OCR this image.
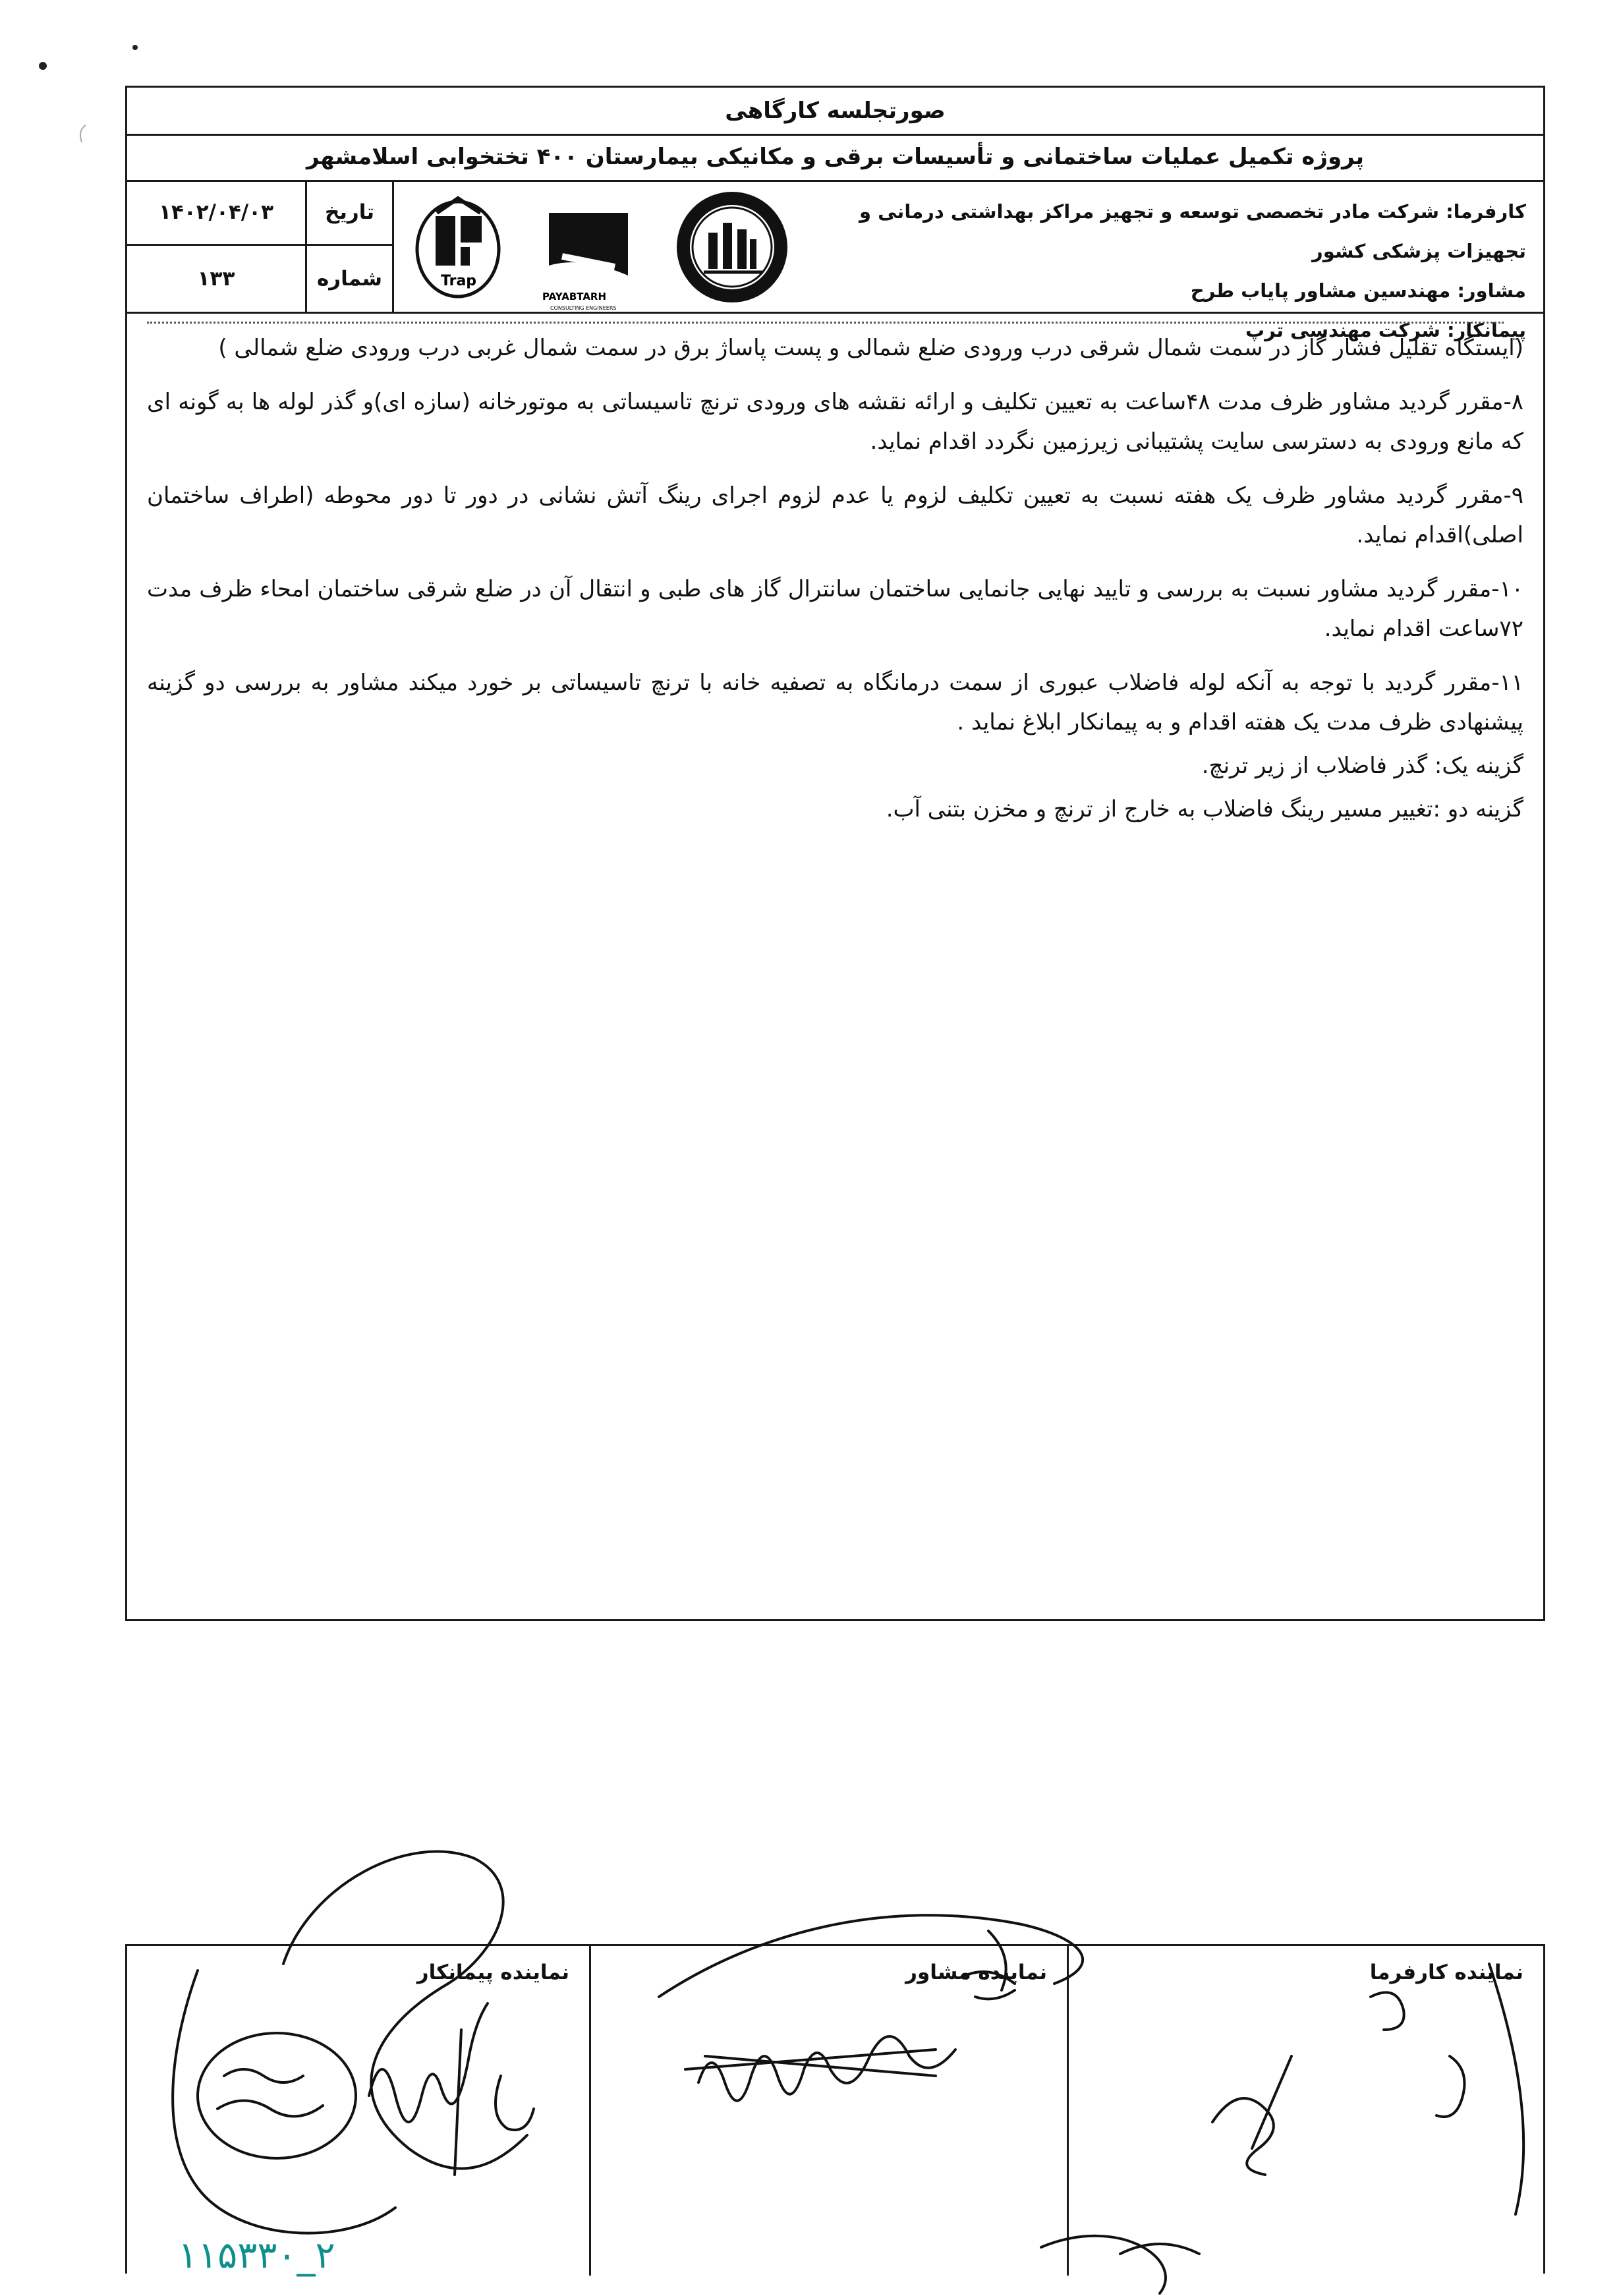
صورتجلسه کارگاهی
پروژه تکمیل عملیات ساختمانی و تأسیسات برقی و مکانیکی بیمارستان ۴۰۰ تختخوابی اسلامشهر
کارفرما: شرکت مادر تخصصی توسعه و تجهیز مراکز بهداشتی درمانی و تجهیزات پزشکی کشور
مشاور: مهندسین مشاور پایاب طرح
پیمانکار: شرکت مهندسی ترپ
Trap
PAYABTARH
CONSULTING ENGINEERS
تاریخ
۱۴۰۲/۰۴/۰۳
شماره
۱۳۳

(ایستگاه تقلیل فشار گاز در سمت شمال شرقی درب ورودی ضلع شمالی و پست پاساژ برق در سمت شمال غربی درب ورودی ضلع شمالی )

۸-مقرر گردید مشاور ظرف مدت ۴۸ساعت به تعیین تکلیف و ارائه نقشه های ورودی ترنچ تاسیساتی به موتورخانه (سازه ای)و گذر لوله ها به گونه ای که مانع ورودی به دسترسی سایت پشتیبانی زیرزمین نگردد اقدام نماید.

۹-مقرر گردید مشاور ظرف یک هفته نسبت به تعیین تکلیف لزوم یا عدم لزوم اجرای رینگ آتش نشانی در دور تا دور محوطه (اطراف ساختمان اصلی)اقدام نماید.

۱۰-مقرر گردید مشاور نسبت به بررسی و تایید نهایی جانمایی ساختمان سانترال گاز های طبی و انتقال آن در ضلع شرقی ساختمان امحاء ظرف مدت ۷۲ساعت اقدام نماید.

۱۱-مقرر گردید با توجه به آنکه لوله فاضلاب عبوری از سمت درمانگاه به تصفیه خانه با ترنچ تاسیساتی بر خورد میکند مشاور به بررسی دو گزینه پیشنهادی ظرف مدت یک هفته اقدام و به پیمانکار ابلاغ نماید .

گزینه یک: گذر فاضلاب از زیر ترنچ.

گزینه دو :تغییر مسیر رینگ فاضلاب به خارج از ترنچ و مخزن بتنی آب.

نماینده کارفرما
نماینده مشاور
نماینده پیمانکار
۱۱۵۳۳۰_۲
